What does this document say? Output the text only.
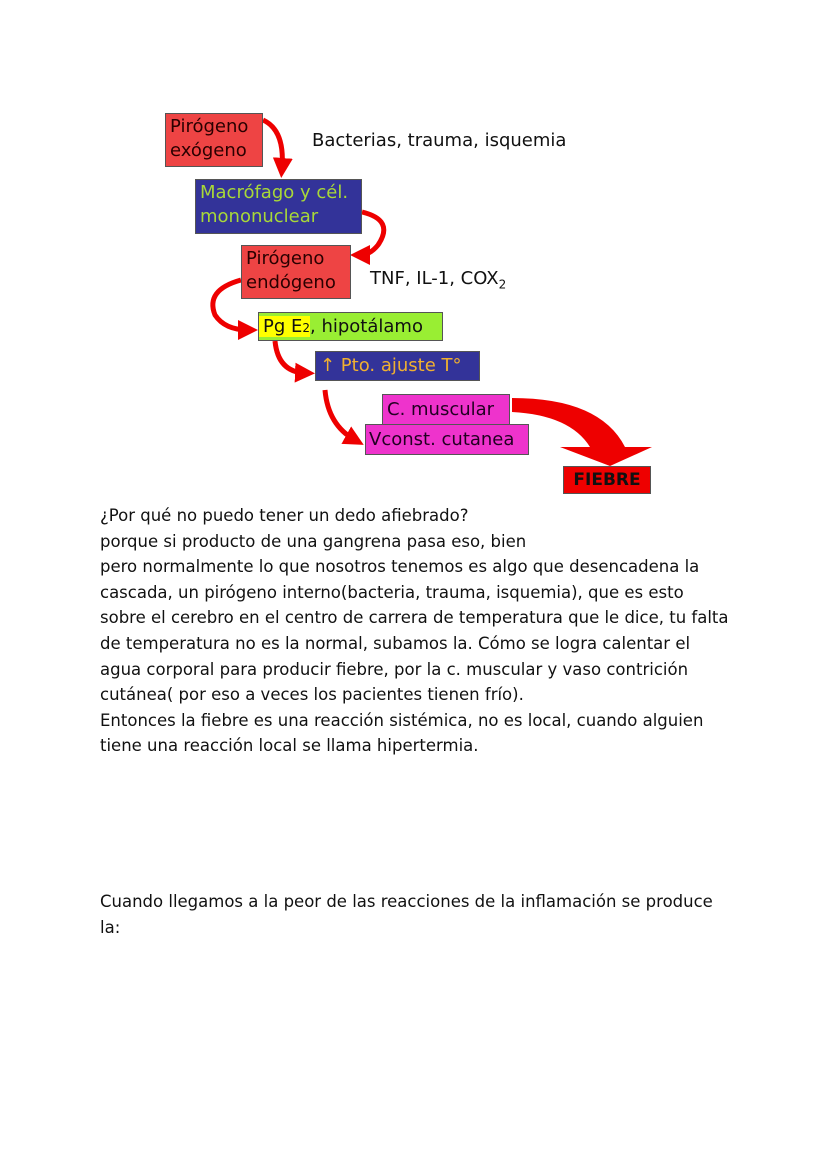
Pirógeno
exógeno	Bacterias, trauma, isquemia
Macrófago y cél.
mononuclear
Pirógeno
endógeno	TNF, IL-1, $COX_2$
Pg E2, hipotálamo
↑ Pto. ajuste T°
C. muscular
Vconst. cutanea
FIEBRE
¿Por qué no puedo tener un dedo afiebrado?
porque si producto de una gangrena pasa eso, bien
pero normalmente lo que nosotros tenemos es algo que desencadena la
cascada, un pirógeno interno(bacteria, trauma, isquemia), que es esto
sobre el cerebro en el centro de carrera de temperatura que le dice, tu falta
de temperatura no es la normal, subamos la. Cómo se logra calentar el
agua corporal para producir fiebre, por la c. muscular y vaso contrición
cutánea( por eso a veces los pacientes tienen frío).
Entonces la fiebre es una reacción sistémica, no es local, cuando alguien
tiene una reacción local se llama hipertermia.
Cuando llegamos a la peor de las reacciones de la inflamación se produce
la:
